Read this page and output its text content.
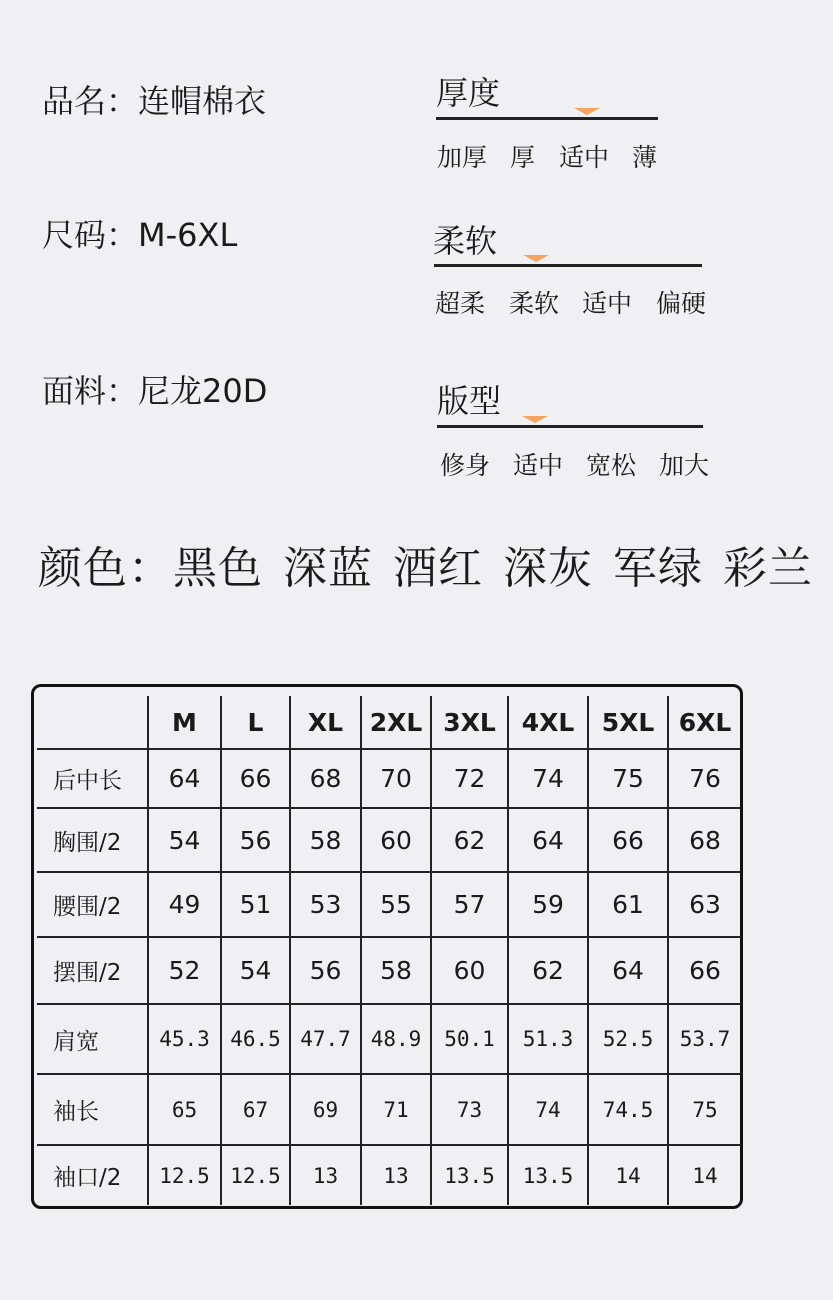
品名：连帽棉衣
尺码：M-6XL
面料：尼龙20D
厚度
加厚 厚 适中 薄
柔软
超柔 柔软 适中 偏硬
版型
修身 适中 宽松 加大
颜色：黑色 深蓝 酒红 深灰 军绿 彩兰
	M	L	XL	2XL	3XL	4XL	5XL	6XL
后中长	64	66	68	70	72	74	75	76
胸围/2	54	56	58	60	62	64	66	68
腰围/2	49	51	53	55	57	59	61	63
摆围/2	52	54	56	58	60	62	64	66
肩宽	45.3	46.5	47.7	48.9	50.1	51.3	52.5	53.7
袖长	65	67	69	71	73	74	74.5	75
袖口/2	12.5	12.5	13	13	13.5	13.5	14	14
